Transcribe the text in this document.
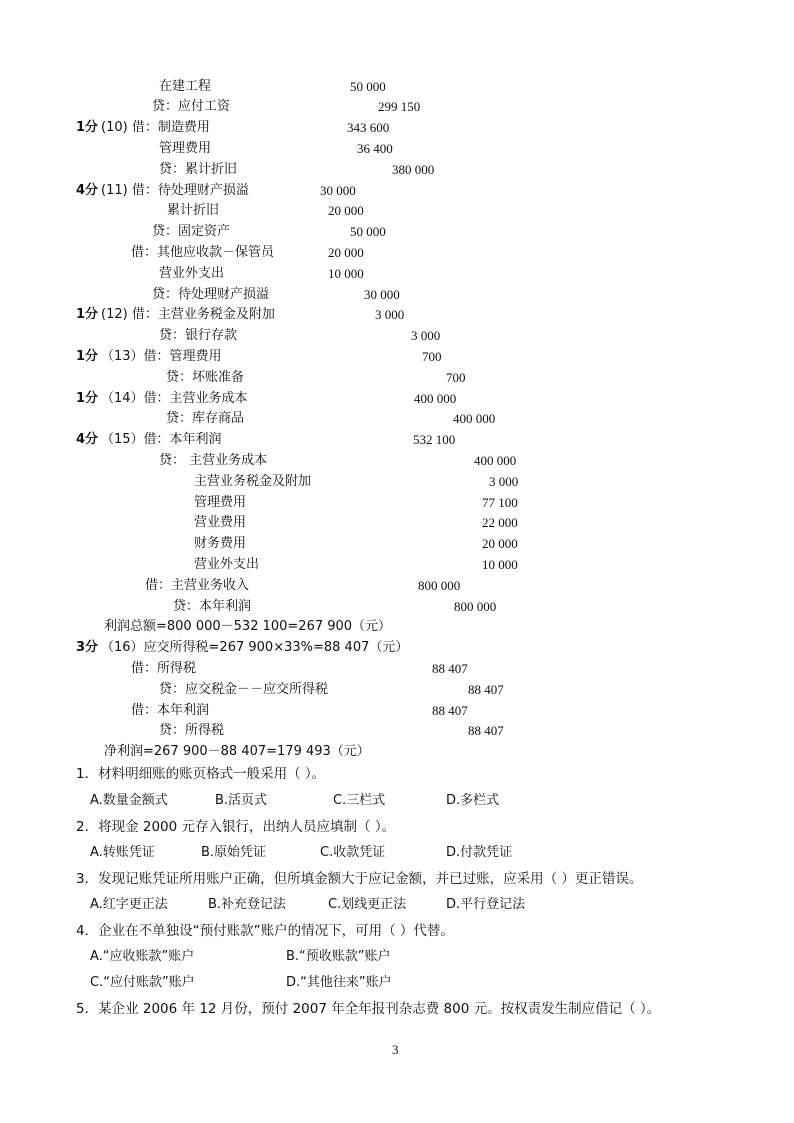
在建工程	50 000
贷：应付工资	299 150
1分 (10) 借：制造费用	343 600
管理费用	36 400
贷：累计折旧	380 000
4分 (11) 借：待处理财产损溢	30 000
累计折旧	20 000
贷：固定资产	50 000
借：其他应收款－保管员	20 000
营业外支出	10 000
贷：待处理财产损溢	30 000
1分 (12) 借：主营业务税金及附加	3 000
贷：银行存款	3 000
1分 （13）借：管理费用	700
贷：坏账准备	700
1分 （14）借：主营业务成本	400 000
贷：库存商品	400 000
4分 （15）借：本年利润	532 100
贷： 主营业务成本	400 000
主营业务税金及附加	3 000
管理费用	77 100
营业费用	22 000
财务费用	20 000
营业外支出	10 000
借：主营业务收入	800 000
贷：本年利润	800 000
利润总额=800 000－532 100=267 900（元）
3分 （16）应交所得税=267 900×33%=88 407（元）
借：所得税	88 407
贷：应交税金－－应交所得税	88 407
借：本年利润	88 407
贷：所得税	88 407
净利润=267 900－88 407=179 493（元）
1．材料明细账的账页格式一般采用（ ）。
A.数量金额式	B.活页式	C.三栏式	D.多栏式
2．将现金 2000 元存入银行，出纳人员应填制（ ）。
A.转账凭证	B.原始凭证	C.收款凭证	D.付款凭证
3．发现记账凭证所用账户正确，但所填金额大于应记金额，并已过账，应采用（ ）更正错误。
A.红字更正法	B.补充登记法	C.划线更正法	D.平行登记法
4．企业在不单独设“预付账款”账户的情况下，可用（ ）代替。
A.“应收账款”账户	B.“预收账款”账户
C.“应付账款”账户	D.“其他往来”账户
5．某企业 2006 年 12 月份，预付 2007 年全年报刊杂志费 800 元。按权责发生制应借记（ ）。
3
